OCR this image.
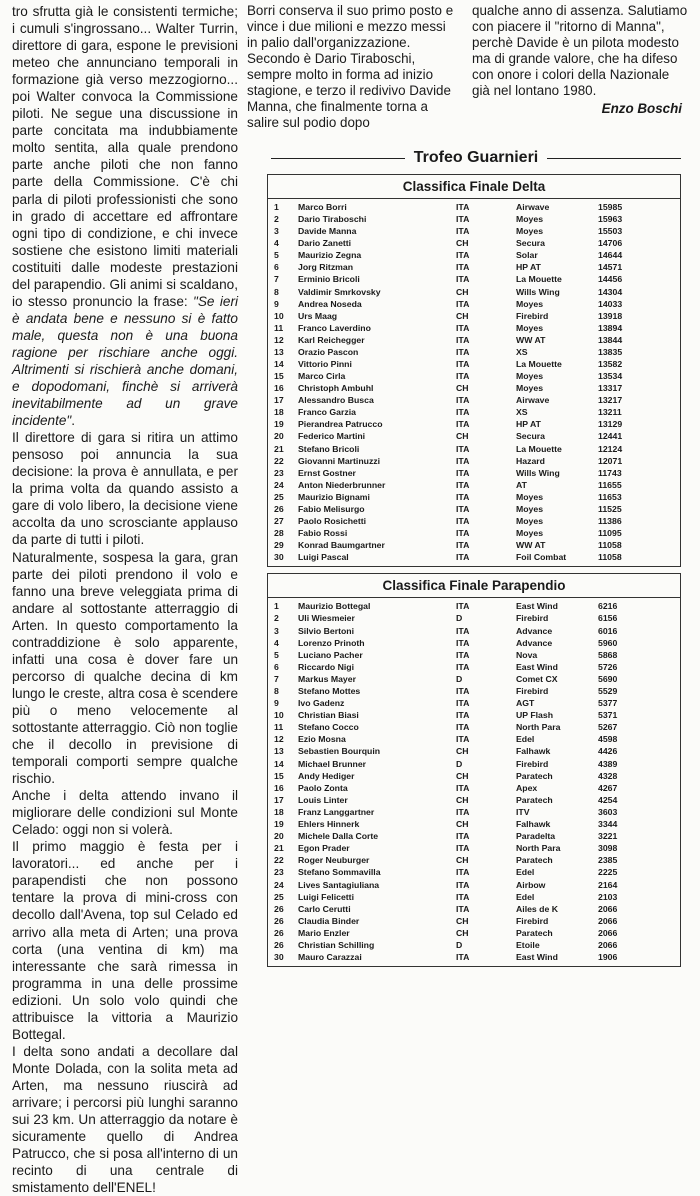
tro sfrutta già le consistenti termiche; i cumuli s'ingrossano... Walter Turrin, direttore di gara, espone le previsioni meteo che annunciano temporali in formazione già verso mezzogiorno... poi Walter convoca la Commissione piloti. Ne segue una discussione in parte concitata ma indubbiamente molto sentita, alla quale prendono parte anche piloti che non fanno parte della Commissione. C'è chi parla di piloti professionisti che sono in grado di accettare ed affrontare ogni tipo di condizione, e chi invece sostiene che esistono limiti materiali costituiti dalle modeste prestazioni del parapendio. Gli animi si scaldano, io stesso pronuncio la frase: "Se ieri è andata bene e nessuno si è fatto male, questa non è una buona ragione per rischiare anche oggi. Altrimenti si rischierà anche domani, e dopodomani, finchè si arriverà inevitabilmente ad un grave incidente".

Il direttore di gara si ritira un attimo pensoso poi annuncia la sua decisione: la prova è annullata, e per la prima volta da quando assisto a gare di volo libero, la decisione viene accolta da uno scrosciante applauso da parte di tutti i piloti.

Naturalmente, sospesa la gara, gran parte dei piloti prendono il volo e fanno una breve veleggiata prima di andare al sottostante atterraggio di Arten. In questo comportamento la contraddizione è solo apparente, infatti una cosa è dover fare un percorso di qualche decina di km lungo le creste, altra cosa è scendere più o meno velocemente al sottostante atterraggio. Ciò non toglie che il decollo in previsione di temporali comporti sempre qualche rischio.

Anche i delta attendo invano il migliorare delle condizioni sul Monte Celado: oggi non si volerà.

Il primo maggio è festa per i lavoratori... ed anche per i parapendisti che non possono tentare la prova di mini-cross con decollo dall'Avena, top sul Celado ed arrivo alla meta di Arten; una prova corta (una ventina di km) ma interessante che sarà rimessa in programma in una delle prossime edizioni. Un solo volo quindi che attribuisce la vittoria a Maurizio Bottegal.

I delta sono andati a decollare dal Monte Dolada, con la solita meta ad Arten, ma nessuno riuscirà ad arrivare; i percorsi più lunghi saranno sui 23 km. Un atterraggio da notare è sicuramente quello di Andrea Patrucco, che si posa all'interno di un recinto di una centrale di smistamento dell'ENEL!

Borri conserva il suo primo posto e vince i due milioni e mezzo messi in palio dall'organizzazione. Secondo è Dario Tiraboschi, sempre molto in forma ad inizio stagione, e terzo il redivivo Davide Manna, che finalmente torna a salire sul podio dopo
qualche anno di assenza. Salutiamo con piacere il "ritorno di Manna", perchè Davide è un pilota modesto ma di grande valore, che ha difeso con onore i colori della Nazionale già nel lontano 1980.
Enzo Boschi
Trofeo Guarnieri
Classifica Finale Delta
1	Marco Borri	ITA	Airwave	15985
2	Dario Tiraboschi	ITA	Moyes	15963
3	Davide Manna	ITA	Moyes	15503
4	Dario Zanetti	CH	Secura	14706
5	Maurizio Zegna	ITA	Solar	14644
6	Jorg Ritzman	ITA	HP AT	14571
7	Erminio Bricoli	ITA	La Mouette	14456
8	Valdimir Smrkovsky	CH	Wills Wing	14304
9	Andrea Noseda	ITA	Moyes	14033
10	Urs Maag	CH	Firebird	13918
11	Franco Laverdino	ITA	Moyes	13894
12	Karl Reichegger	ITA	WW AT	13844
13	Orazio Pascon	ITA	XS	13835
14	Vittorio Pinni	ITA	La Mouette	13582
15	Marco Cirla	ITA	Moyes	13534
16	Christoph Ambuhl	CH	Moyes	13317
17	Alessandro Busca	ITA	Airwave	13217
18	Franco Garzia	ITA	XS	13211
19	Pierandrea Patrucco	ITA	HP AT	13129
20	Federico Martini	CH	Secura	12441
21	Stefano Bricoli	ITA	La Mouette	12124
22	Giovanni Martinuzzi	ITA	Hazard	12071
23	Ernst Gostner	ITA	Wills Wing	11743
24	Anton Niederbrunner	ITA	AT	11655
25	Maurizio Bignami	ITA	Moyes	11653
26	Fabio Melisurgo	ITA	Moyes	11525
27	Paolo Rosichetti	ITA	Moyes	11386
28	Fabio Rossi	ITA	Moyes	11095
29	Konrad Baumgartner	ITA	WW AT	11058
30	Luigi Pascal	ITA	Foil Combat	11058
Classifica Finale Parapendio
1	Maurizio Bottegal	ITA	East Wind	6216
2	Uli Wiesmeier	D	Firebird	6156
3	Silvio Bertoni	ITA	Advance	6016
4	Lorenzo Prinoth	ITA	Advance	5960
5	Luciano Pacher	ITA	Nova	5868
6	Riccardo Nigi	ITA	East Wind	5726
7	Markus Mayer	D	Comet CX	5690
8	Stefano Mottes	ITA	Firebird	5529
9	Ivo Gadenz	ITA	AGT	5377
10	Christian Biasi	ITA	UP Flash	5371
11	Stefano Cocco	ITA	North Para	5267
12	Ezio Mosna	ITA	Edel	4598
13	Sebastien Bourquin	CH	Falhawk	4426
14	Michael Brunner	D	Firebird	4389
15	Andy Hediger	CH	Paratech	4328
16	Paolo Zonta	ITA	Apex	4267
17	Louis Linter	CH	Paratech	4254
18	Franz Langgartner	ITA	ITV	3603
19	Ehlers Hinnerk	CH	Falhawk	3344
20	Michele Dalla Corte	ITA	Paradelta	3221
21	Egon Prader	ITA	North Para	3098
22	Roger Neuburger	CH	Paratech	2385
23	Stefano Sommavilla	ITA	Edel	2225
24	Lives Santagiuliana	ITA	Airbow	2164
25	Luigi Felicetti	ITA	Edel	2103
26	Carlo Cerutti	ITA	Ailes de K	2066
26	Claudia Binder	CH	Firebird	2066
26	Mario Enzler	CH	Paratech	2066
26	Christian Schilling	D	Etoile	2066
30	Mauro Carazzai	ITA	East Wind	1906
